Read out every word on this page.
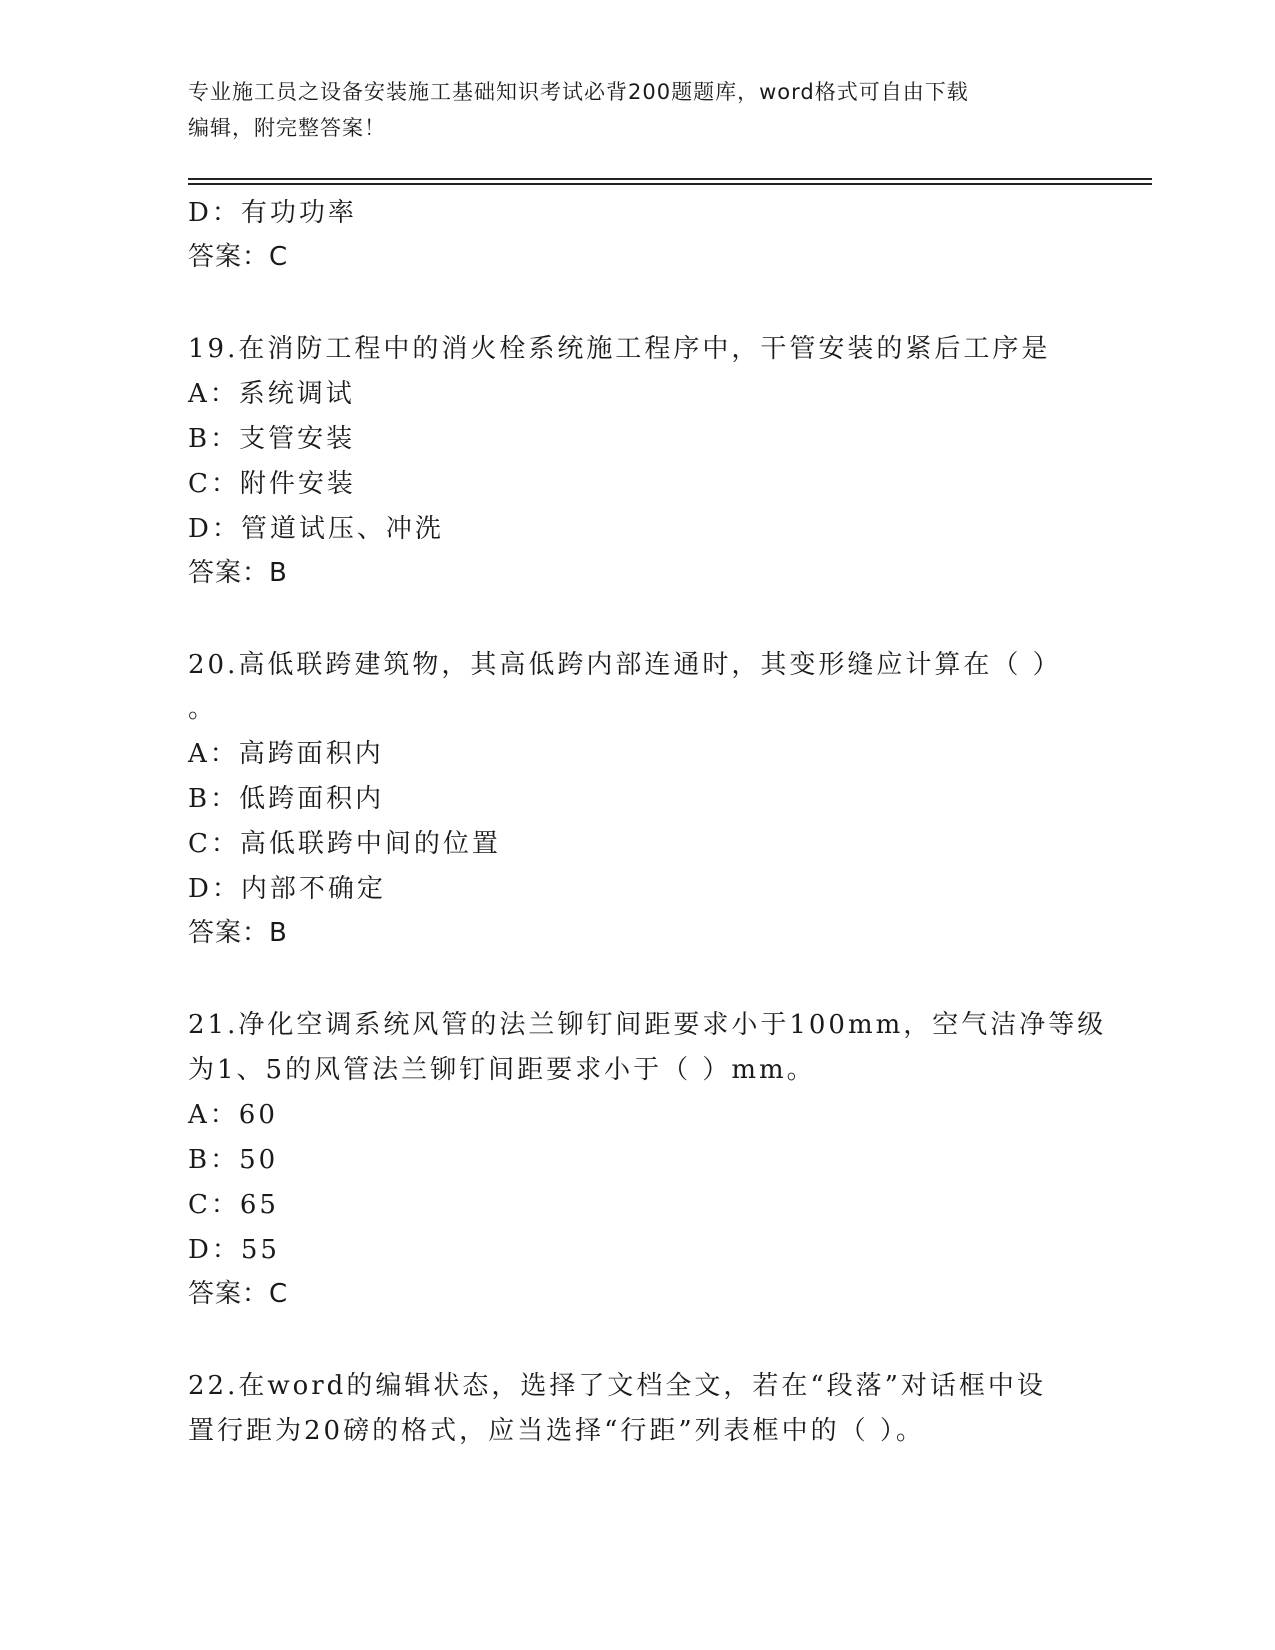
专业施工员之设备安装施工基础知识考试必背200题题库，word格式可自由下载
编辑，附完整答案！
D：有功功率
答案：C
19.在消防工程中的消火栓系统施工程序中，干管安装的紧后工序是
A：系统调试
B：支管安装
C：附件安装
D：管道试压、冲洗
答案：B
20.高低联跨建筑物，其高低跨内部连通时，其变形缝应计算在（ ）
。
A：高跨面积内
B：低跨面积内
C：高低联跨中间的位置
D：内部不确定
答案：B
21.净化空调系统风管的法兰铆钉间距要求小于100mm，空气洁净等级
为1、5的风管法兰铆钉间距要求小于（ ）mm。
A：60
B：50
C：65
D：55
答案：C
22.在word的编辑状态，选择了文档全文，若在“段落”对话框中设
置行距为20磅的格式，应当选择“行距”列表框中的（ ）。
